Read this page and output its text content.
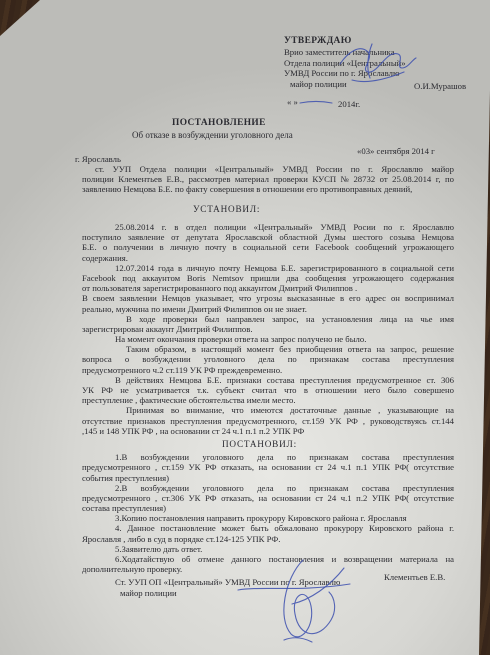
УТВЕРЖДАЮ
Врио заместитель начальника
Отдела полиции «Центральный»
УМВД России по г. Ярославлю
майор полиции	О.И.Мурашов
« »	2014г.
ПОСТАНОВЛЕНИЕ
Об отказе в возбуждении уголовного дела
г. Ярославль
«03» сентября 2014 г
ст. УУП Отдела полиции «Центральный» УМВД России по г. Ярославлю майор
полиции Клементьев Е.В., рассмотрев материал проверки КУСП № 28732 от 25.08.2014 г, по
заявлению Немцова Б.Е. по факту совершения в отношении его противоправных деяний,
УСТАНОВИЛ:
25.08.2014 г. в отдел полиции «Центральный» УМВД Росии по г. Ярославлю
поступило заявление от депутата Ярославской областной Думы шестого созыва Немцова
Б.Е. о получении в личную почту в социальной сети Facebook сообщений угрожающего
содержания.
12.07.2014 года в личную почту Немцова Б.Е. зарегистрированного в социальной сети
Facebook под аккаунтом Boris Nemtsov пришли два сообщения угрожающего содержания
от пользователя зарегистрированного под аккаунтом Дмитрий Филиппов .
В своем заявлении Немцов указывает, что угрозы высказанные в его адрес он воспринимал
реально, мужчина по имени Дмитрий Филиппов он не знает.
В ходе проверки был направлен запрос, на установления лица на чье имя
зарегистрирован аккаунт Дмитрий Филиппов.
На момент окончания проверки ответа на запрос получено не было.
Таким образом, в настоящий момент без приобщения ответа на запрос, решение
вопроса о возбуждении уголовного дела по признакам состава преступления
предусмотренного ч.2 ст.119 УК РФ преждевременно.
В действиях Немцова Б.Е. признаки состава преступления предусмотренное ст. 306
УК РФ не усматривается т.к. субъект считал что в отношении него было совершено
преступление , фактические обстоятельства имели место.
Принимая во внимание, что имеются достаточные данные , указывающие на
отсутствие признаков преступления предусмотренного, ст.159 УК РФ , руководствуясь ст.144
,145 и 148 УПК РФ , на основании ст 24 ч.1 п.1 п.2 УПК РФ
ПОСТАНОВИЛ:
1.В возбуждении уголовного дела по признакам состава преступления
предусмотренного , ст.159 УК РФ отказать, на основании ст 24 ч.1 п.1 УПК РФ( отсутствие
события преступления)
2.В возбуждении уголовного дела по признакам состава преступления
предусмотренного , ст.306 УК РФ отказать, на основании ст 24 ч.1 п.2 УПК РФ( отсутствие
состава преступления)
3.Копию постановления направить прокурору Кировского района г. Ярославля
4. Данное постановление может быть обжаловано прокурору Кировского района г.
Ярославля , либо в суд в порядке ст.124-125 УПК РФ.
5.Заявителю дать ответ.
6.Ходатайствую об отмене данного постановления и возвращении материала на
дополнительную проверку.
Ст. УУП ОП «Центральный» УМВД России по г. Ярославлю
майор полиции
Клементьев Е.В.
